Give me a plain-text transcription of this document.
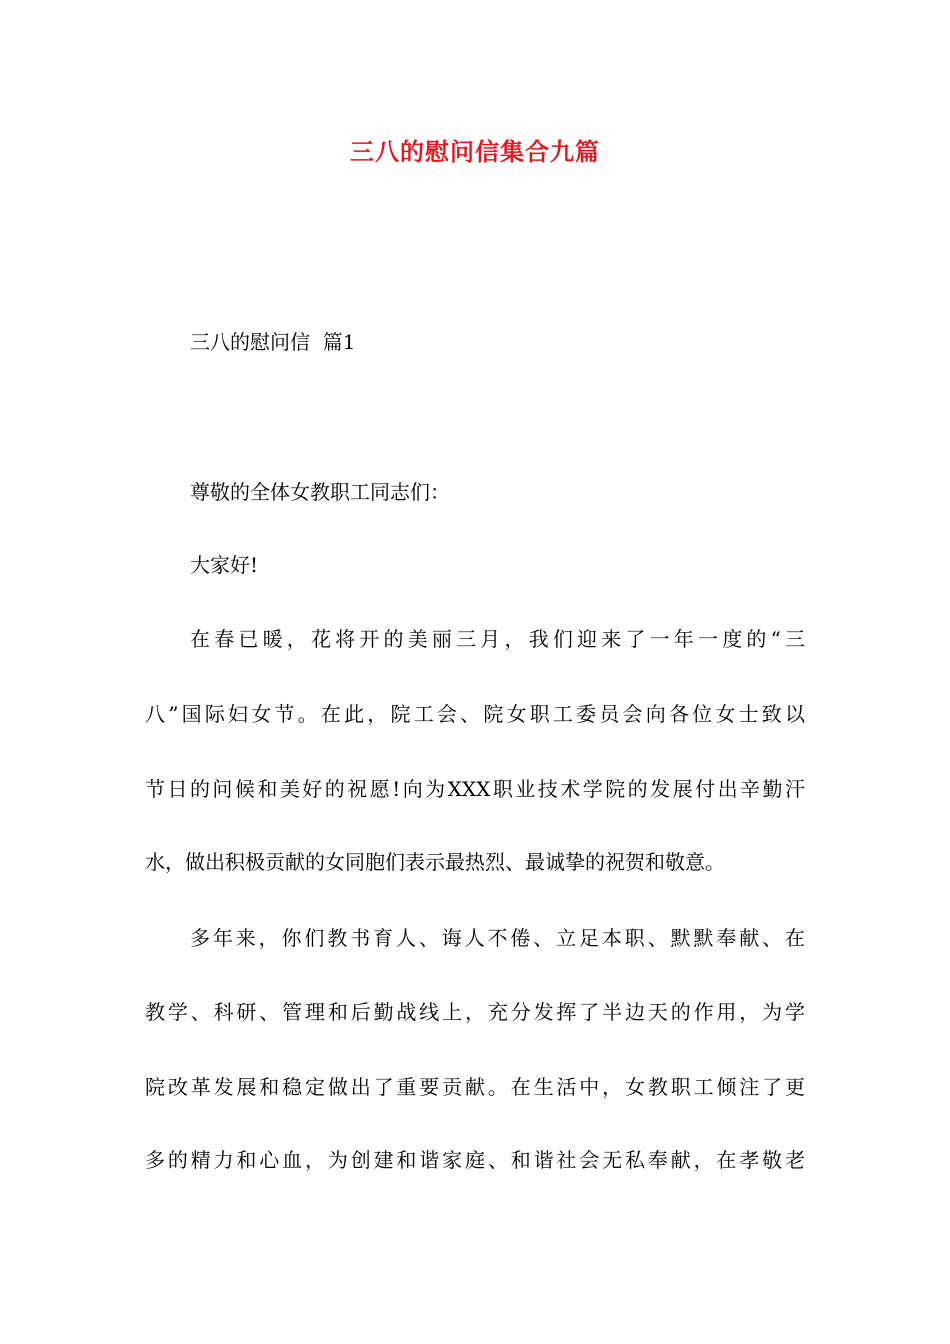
三八的慰问信集合九篇
三八的慰问信  篇1
尊敬的全体女教职工同志们：
大家好!
在春已暖，花将开的美丽三月，我们迎来了一年一度的“三
八”国际妇女节。在此，院工会、院女职工委员会向各位女士致以
节日的问候和美好的祝愿!向为XXX职业技术学院的发展付出辛勤汗
水，做出积极贡献的女同胞们表示最热烈、最诚挚的祝贺和敬意。
多年来，你们教书育人、诲人不倦、立足本职、默默奉献、在
教学、科研、管理和后勤战线上，充分发挥了半边天的作用，为学
院改革发展和稳定做出了重要贡献。在生活中，女教职工倾注了更
多的精力和心血，为创建和谐家庭、和谐社会无私奉献，在孝敬老
